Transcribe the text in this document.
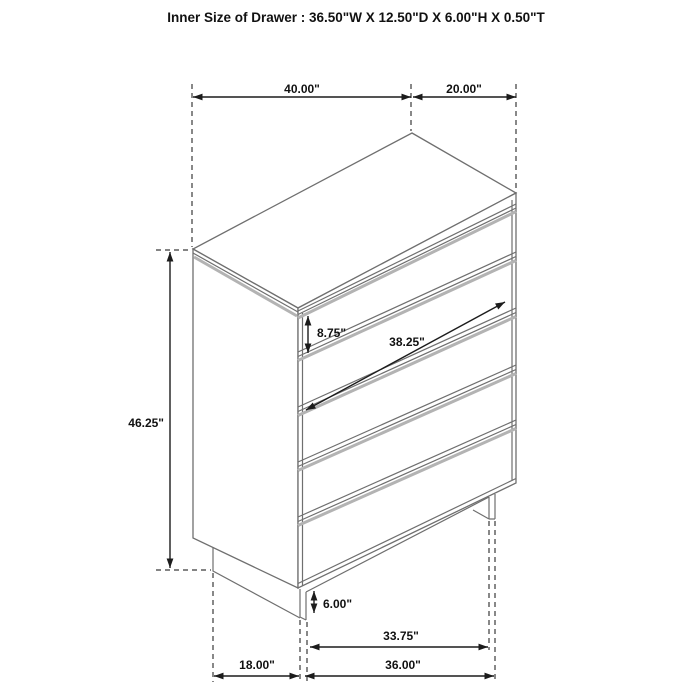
Inner Size of Drawer : 36.50"W X 12.50"D X 6.00"H X 0.50"T
40.00"	20.00"
46.25"
8.75"
38.25"
6.00"
33.75"
18.00"	36.00"
